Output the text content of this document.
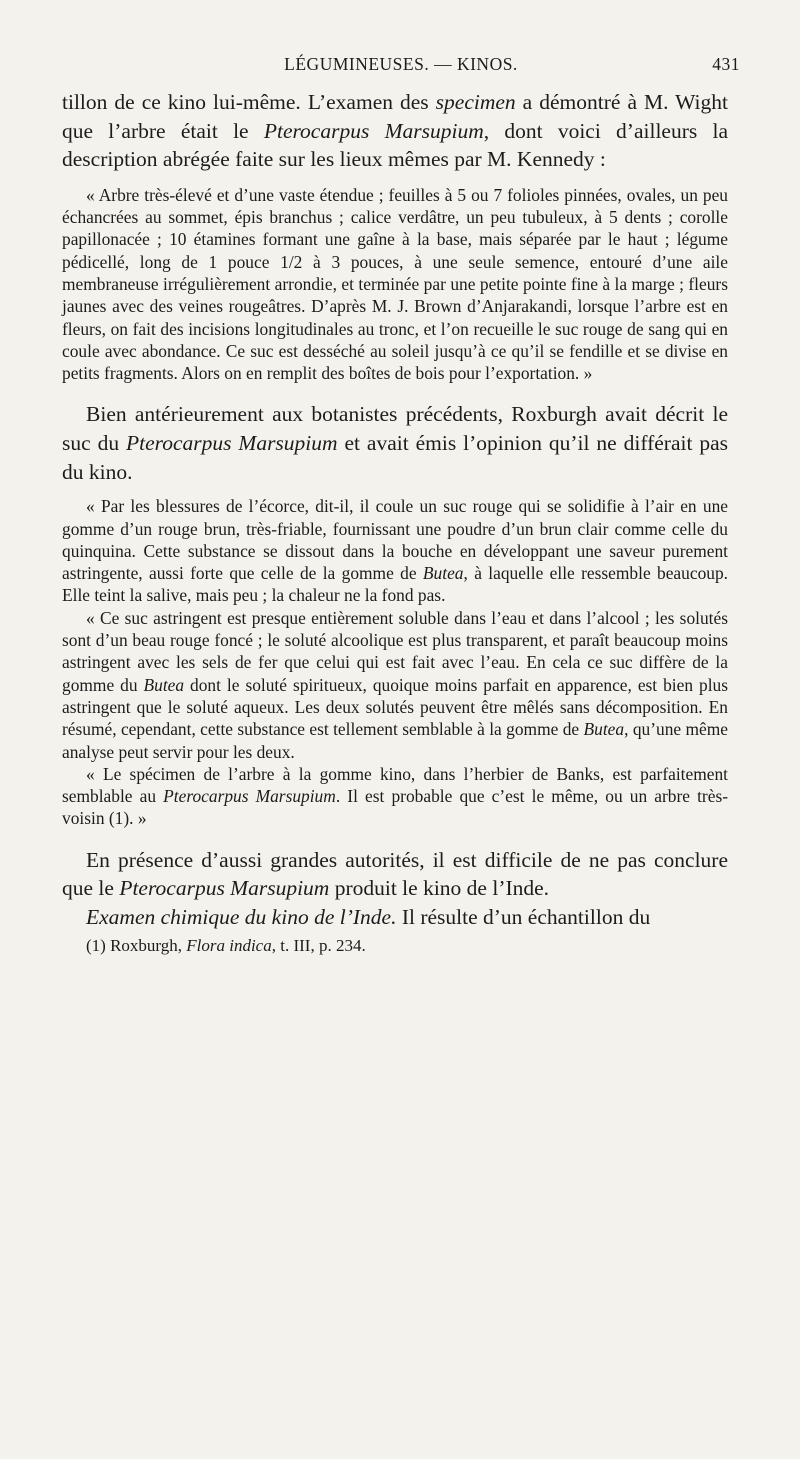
LÉGUMINEUSES. — KINOS.	431

tillon de ce kino lui-même. L’examen des specimen a démontré à M. Wight que l’arbre était le Pterocarpus Marsupium, dont voici d’ailleurs la description abrégée faite sur les lieux mêmes par M. Kennedy :

« Arbre très-élevé et d’une vaste étendue ; feuilles à 5 ou 7 folioles pinnées, ovales, un peu échancrées au sommet, épis branchus ; calice verdâtre, un peu tubuleux, à 5 dents ; corolle papillonacée ; 10 étamines formant une gaîne à la base, mais séparée par le haut ; légume pédicellé, long de 1 pouce 1/2 à 3 pouces, à une seule semence, entouré d’une aile membraneuse irrégulièrement arrondie, et terminée par une petite pointe fine à la marge ; fleurs jaunes avec des veines rougeâtres. D’après M. J. Brown d’Anjarakandi, lorsque l’arbre est en fleurs, on fait des incisions longitudinales au tronc, et l’on recueille le suc rouge de sang qui en coule avec abondance. Ce suc est desséché au soleil jusqu’à ce qu’il se fendille et se divise en petits fragments. Alors on en remplit des boîtes de bois pour l’exportation. »

Bien antérieurement aux botanistes précédents, Roxburgh avait décrit le suc du Pterocarpus Marsupium et avait émis l’opinion qu’il ne différait pas du kino.

« Par les blessures de l’écorce, dit-il, il coule un suc rouge qui se solidifie à l’air en une gomme d’un rouge brun, très-friable, fournissant une poudre d’un brun clair comme celle du quinquina. Cette substance se dissout dans la bouche en développant une saveur purement astringente, aussi forte que celle de la gomme de Butea, à laquelle elle ressemble beaucoup. Elle teint la salive, mais peu ; la chaleur ne la fond pas.

« Ce suc astringent est presque entièrement soluble dans l’eau et dans l’alcool ; les solutés sont d’un beau rouge foncé ; le soluté alcoolique est plus transparent, et paraît beaucoup moins astringent avec les sels de fer que celui qui est fait avec l’eau. En cela ce suc diffère de la gomme du Butea dont le soluté spiritueux, quoique moins parfait en apparence, est bien plus astringent que le soluté aqueux. Les deux solutés peuvent être mêlés sans décomposition. En résumé, cependant, cette substance est tellement semblable à la gomme de Butea, qu’une même analyse peut servir pour les deux.

« Le spécimen de l’arbre à la gomme kino, dans l’herbier de Banks, est parfaitement semblable au Pterocarpus Marsupium. Il est probable que c’est le même, ou un arbre très-voisin (1). »

En présence d’aussi grandes autorités, il est difficile de ne pas conclure que le Pterocarpus Marsupium produit le kino de l’Inde.

Examen chimique du kino de l’Inde. Il résulte d’un échantillon du

(1) Roxburgh, Flora indica, t. III, p. 234.
